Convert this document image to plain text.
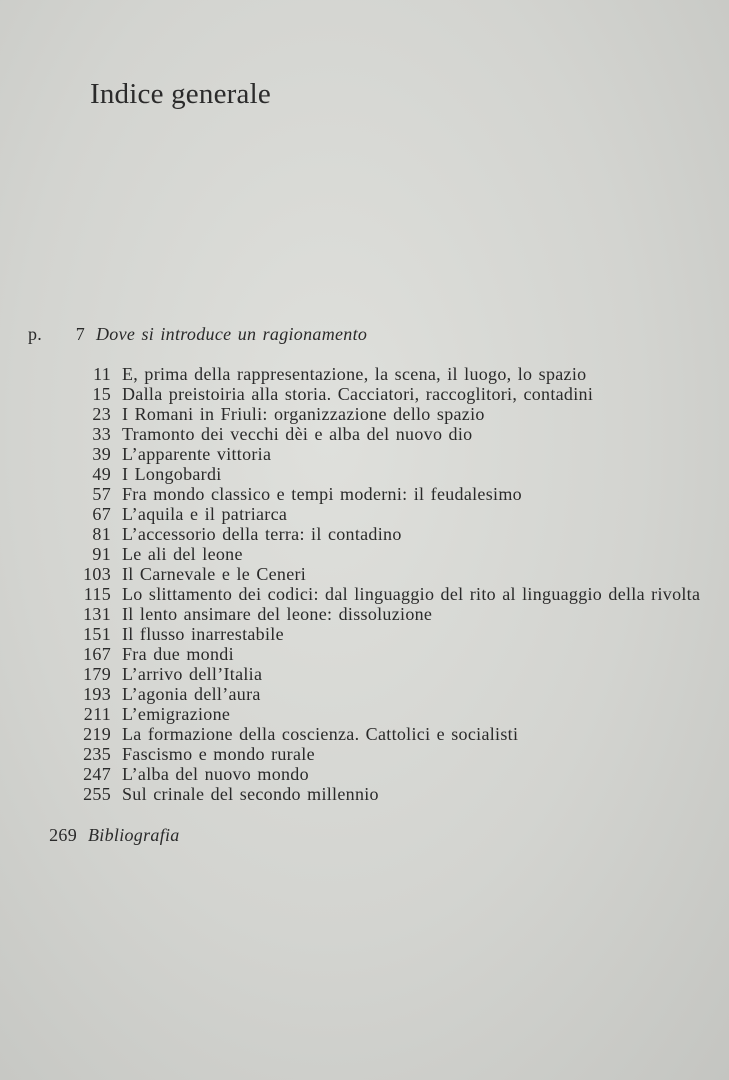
Indice generale
p.	7 Dove si introduce un ragionamento
11 E, prima della rappresentazione, la scena, il luogo, lo spazio
15 Dalla preistoiria alla storia. Cacciatori, raccoglitori, contadini
23 I Romani in Friuli: organizzazione dello spazio
33 Tramonto dei vecchi dèi e alba del nuovo dio
39 L’apparente vittoria
49 I Longobardi
57 Fra mondo classico e tempi moderni: il feudalesimo
67 L’aquila e il patriarca
81 L’accessorio della terra: il contadino
91 Le ali del leone
103 Il Carnevale e le Ceneri
115 Lo slittamento dei codici: dal linguaggio del rito al linguaggio della rivolta
131 Il lento ansimare del leone: dissoluzione
151 Il flusso inarrestabile
167 Fra due mondi
179 L’arrivo dell’Italia
193 L’agonia dell’aura
211 L’emigrazione
219 La formazione della coscienza. Cattolici e socialisti
235 Fascismo e mondo rurale
247 L’alba del nuovo mondo
255 Sul crinale del secondo millennio
269 Bibliografia
